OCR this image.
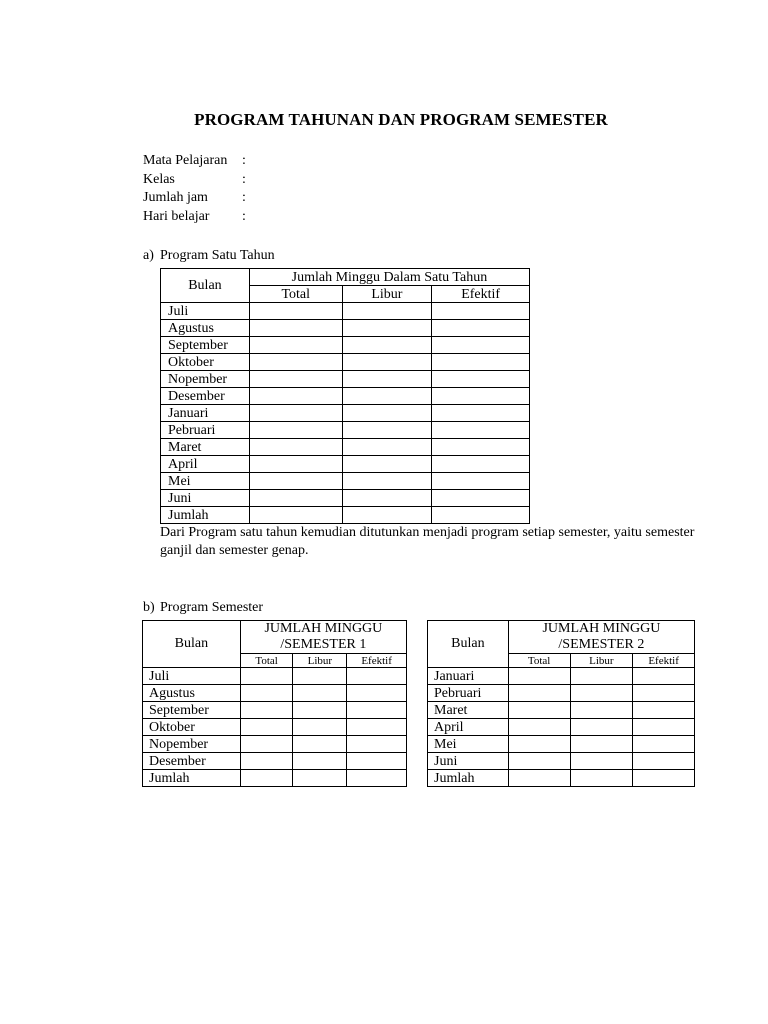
PROGRAM TAHUNAN DAN PROGRAM SEMESTER
Mata Pelajaran :
Kelas	:
Jumlah jam :
Hari belajar :
a) Program Satu Tahun
Bulan	Jumlah Minggu Dalam Satu Tahun		
	Total	Libur	Efektif
Juli			
Agustus			
September			
Oktober			
Nopember			
Desember			
Januari			
Pebruari			
Maret			
April			
Mei			
Juni			
Jumlah			
Dari Program satu tahun kemudian ditutunkan menjadi program setiap semester, yaitu semester ganjil dan semester genap.
b) Program Semester
Bulan	JUMLAH MINGGU /SEMESTER 1		
	Total	Libur	Efektif
Juli			
Agustus			
September			
Oktober			
Nopember			
Desember			
Jumlah			
Bulan	JUMLAH MINGGU /SEMESTER 2		
	Total	Libur	Efektif
Januari			
Pebruari			
Maret			
April			
Mei			
Juni			
Jumlah			
